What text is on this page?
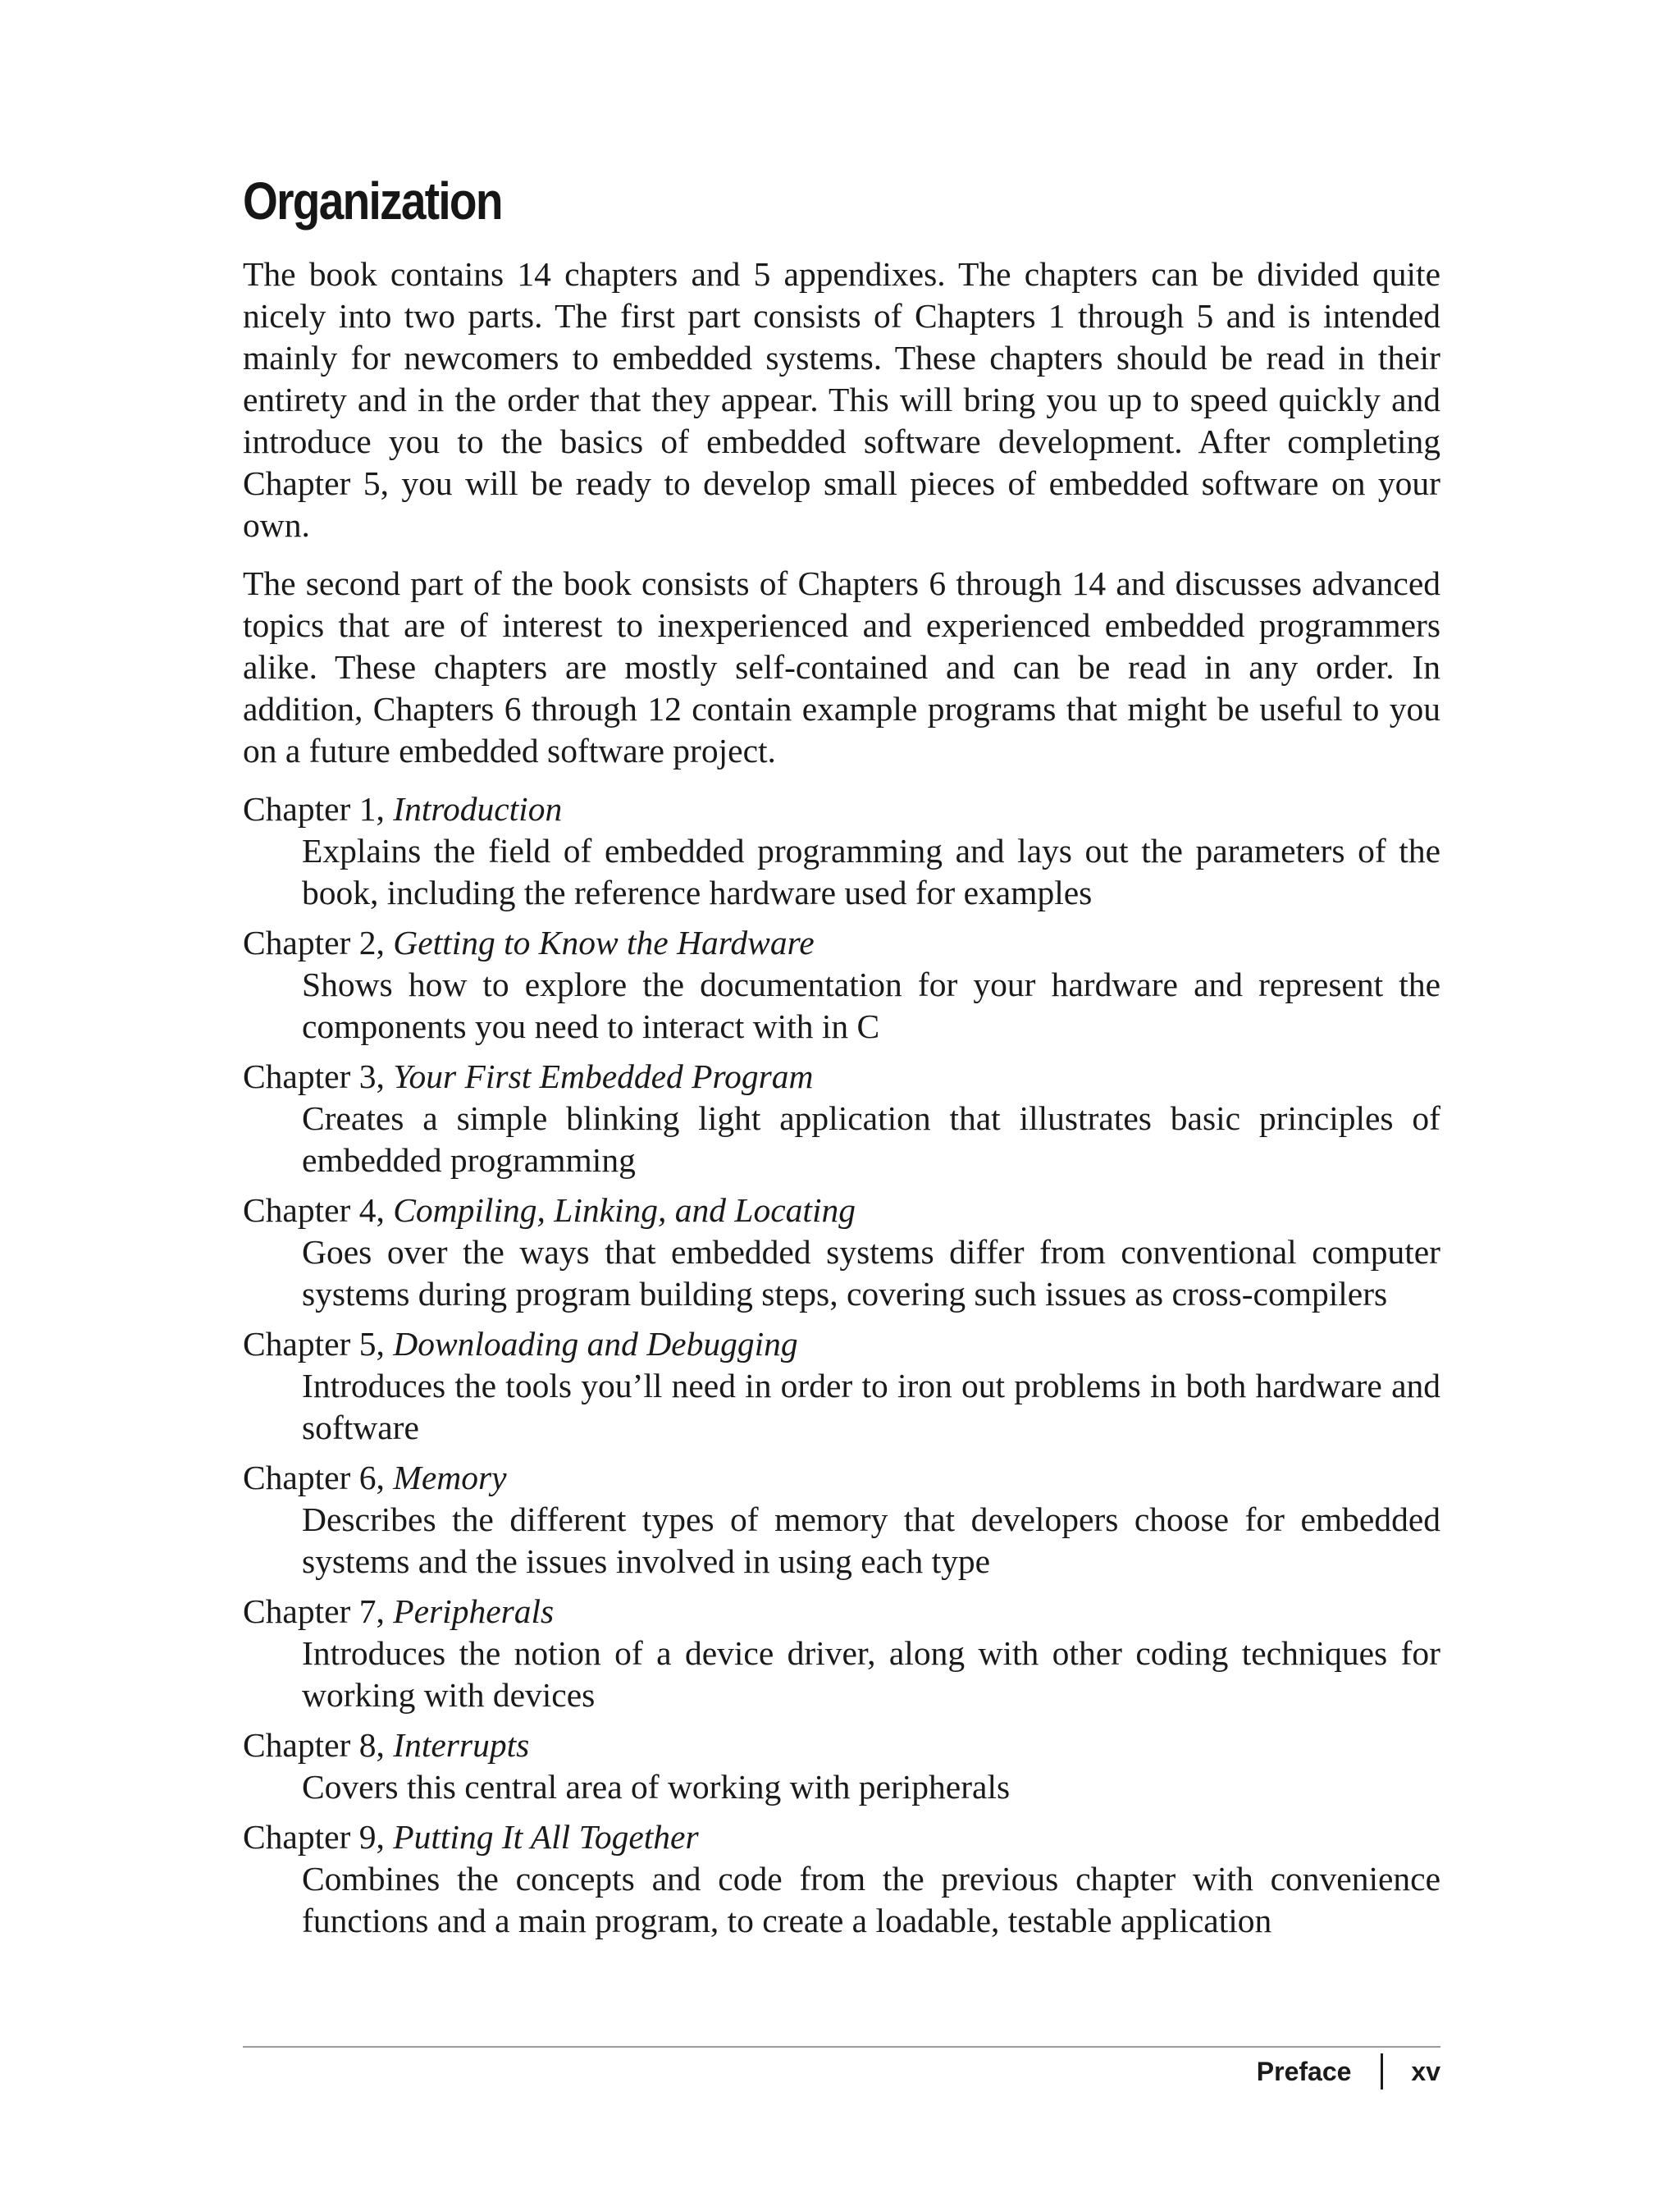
Organization

The book contains 14 chapters and 5 appendixes. The chapters can be divided quite nicely into two parts. The first part consists of Chapters 1 through 5 and is intended mainly for newcomers to embedded systems. These chapters should be read in their entirety and in the order that they appear. This will bring you up to speed quickly and introduce you to the basics of embedded software development. After completing Chapter 5, you will be ready to develop small pieces of embedded software on your own.

The second part of the book consists of Chapters 6 through 14 and discusses advanced topics that are of interest to inexperienced and experienced embedded programmers alike. These chapters are mostly self-contained and can be read in any order. In addition, Chapters 6 through 12 contain example programs that might be useful to you on a future embedded software project.

Chapter 1, Introduction
Explains the field of embedded programming and lays out the parameters of the book, including the reference hardware used for examples
Chapter 2, Getting to Know the Hardware
Shows how to explore the documentation for your hardware and represent the components you need to interact with in C
Chapter 3, Your First Embedded Program
Creates a simple blinking light application that illustrates basic principles of embedded programming
Chapter 4, Compiling, Linking, and Locating
Goes over the ways that embedded systems differ from conventional computer systems during program building steps, covering such issues as cross-compilers
Chapter 5, Downloading and Debugging
Introduces the tools you’ll need in order to iron out problems in both hardware and software
Chapter 6, Memory
Describes the different types of memory that developers choose for embedded systems and the issues involved in using each type
Chapter 7, Peripherals
Introduces the notion of a device driver, along with other coding techniques for working with devices
Chapter 8, Interrupts
Covers this central area of working with peripherals
Chapter 9, Putting It All Together
Combines the concepts and code from the previous chapter with convenience functions and a main program, to create a loadable, testable application
Preface xv
